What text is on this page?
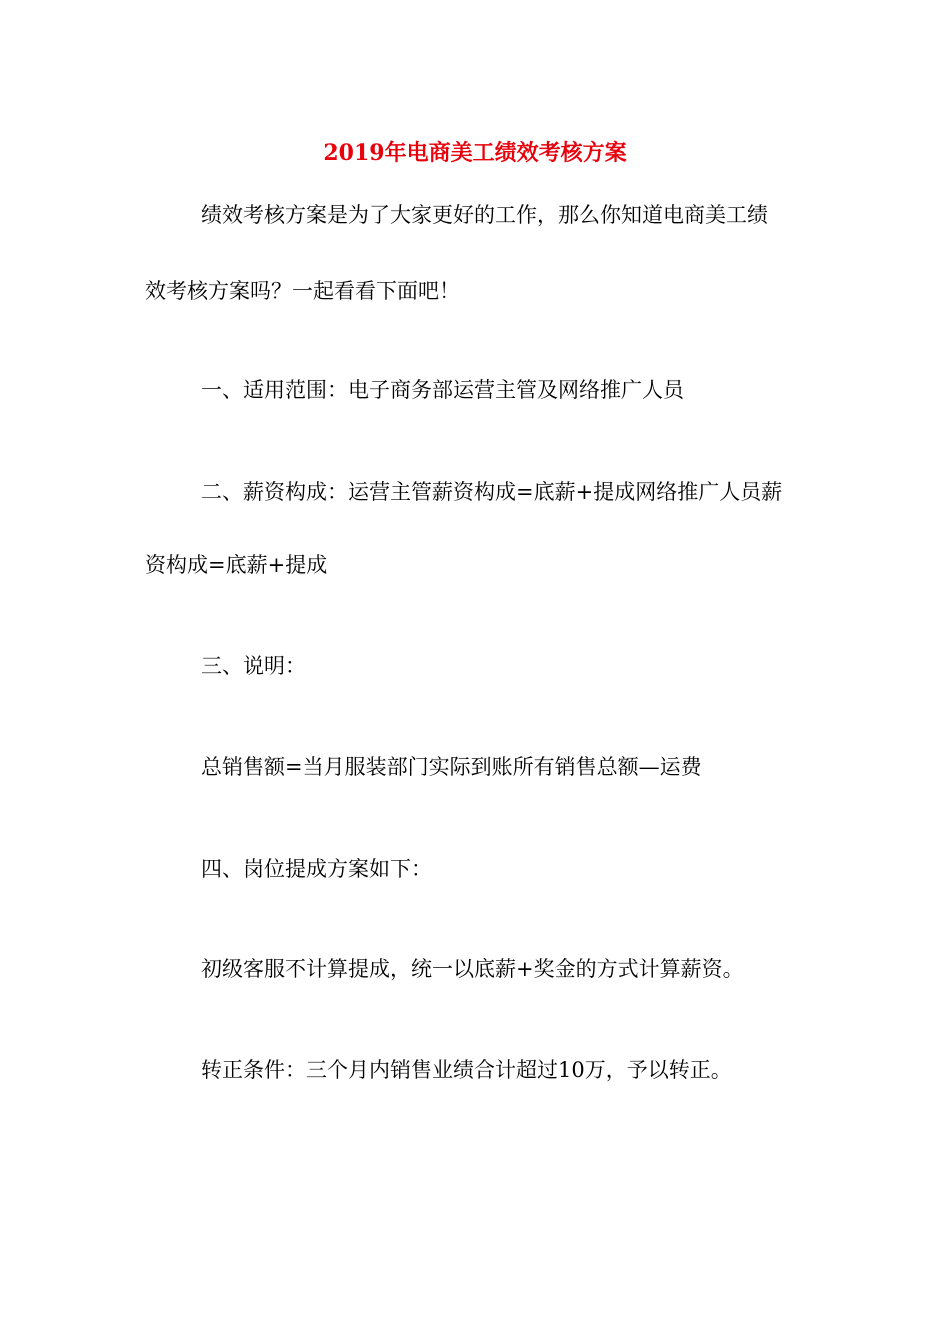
2019年电商美工绩效考核方案
绩效考核方案是为了大家更好的工作，那么你知道电商美工绩
效考核方案吗？一起看看下面吧！
一、适用范围：电子商务部运营主管及网络推广人员
二、薪资构成：运营主管薪资构成=底薪+提成网络推广人员薪
资构成=底薪+提成
三、说明：
总销售额=当月服装部门实际到账所有销售总额—运费
四、岗位提成方案如下：
初级客服不计算提成，统一以底薪+奖金的方式计算薪资。
转正条件：三个月内销售业绩合计超过10万，予以转正。
